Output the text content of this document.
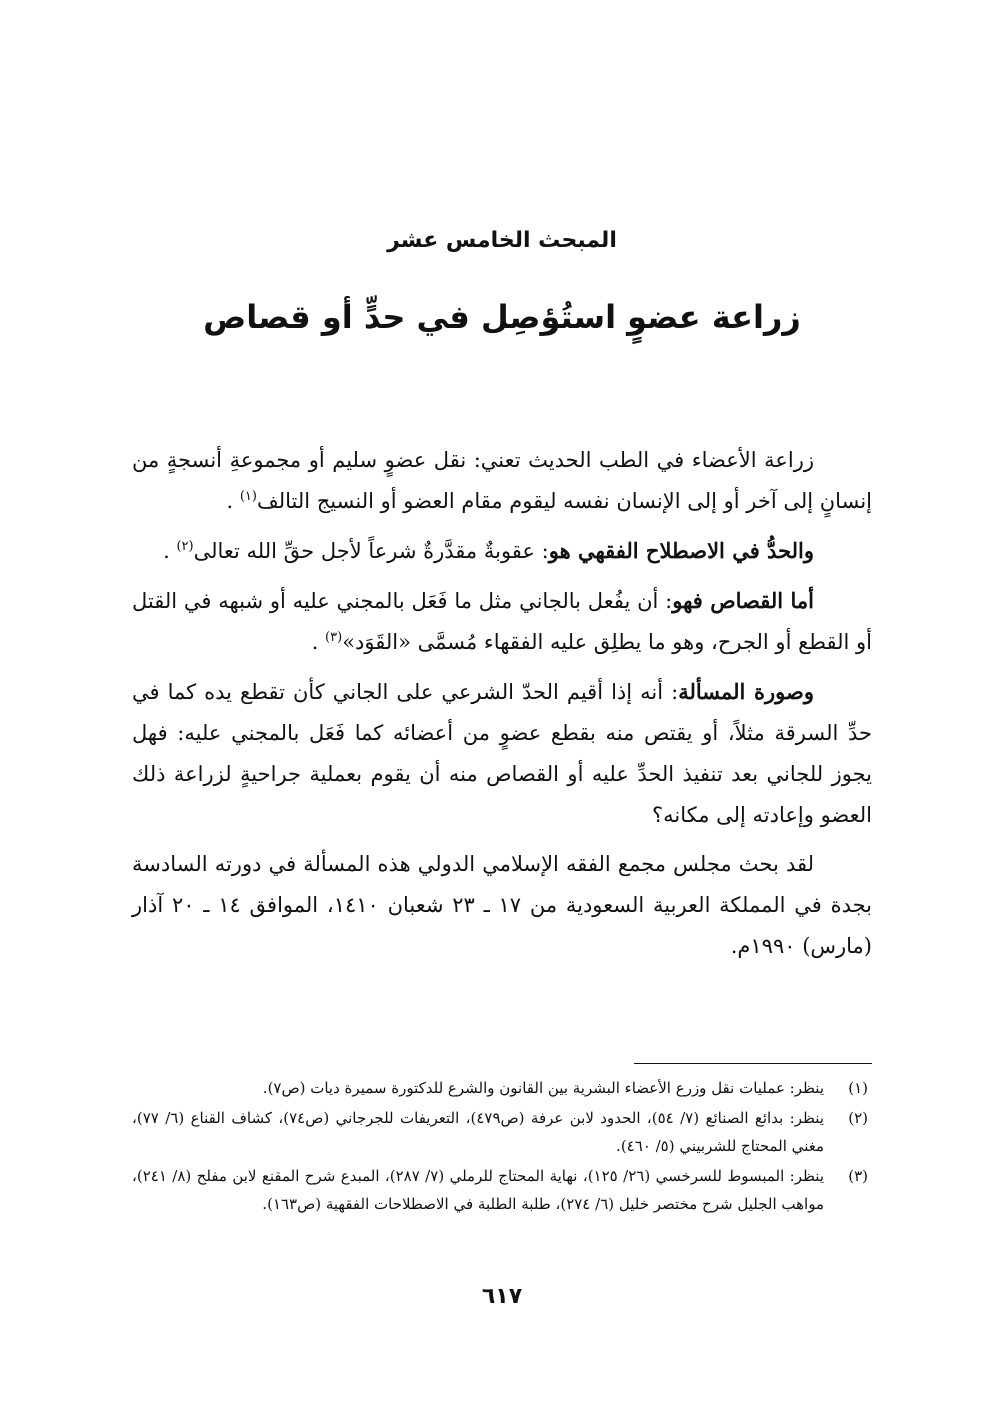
المبحث الخامس عشر
زراعة عضوٍ استُؤصِل في حدٍّ أو قصاص

زراعة الأعضاء في الطب الحديث تعني: نقل عضوٍ سليم أو مجموعةِ أنسجةٍ من إنسانٍ إلى آخر أو إلى الإنسان نفسه ليقوم مقام العضو أو النسيج التالف$^{(١)}$ .

والحدُّ في الاصطلاح الفقهي هو: عقوبةٌ مقدَّرةٌ شرعاً لأجل حقِّ الله تعالى$^{(٢)}$ .

أما القصاص فهو: أن يفُعل بالجاني مثل ما فَعَل بالمجني عليه أو شبهه في القتل أو القطع أو الجرح، وهو ما يطلِق عليه الفقهاء مُسمَّى «القَوَد»$^{(٣)}$ .

وصورة المسألة: أنه إذا أقيم الحدّ الشرعي على الجاني كأن تقطع يده كما في حدِّ السرقة مثلاً، أو يقتص منه بقطع عضوٍ من أعضائه كما فَعَل بالمجني عليه: فهل يجوز للجاني بعد تنفيذ الحدِّ عليه أو القصاص منه أن يقوم بعملية جراحيةٍ لزراعة ذلك العضو وإعادته إلى مكانه؟

لقد بحث مجلس مجمع الفقه الإسلامي الدولي هذه المسألة في دورته السادسة بجدة في المملكة العربية السعودية من ١٧ ـ ٢٣ شعبان ١٤١٠، الموافق ١٤ ـ ٢٠ آذار (مارس) ١٩٩٠م.

(١)
ينظر: عمليات نقل وزرع الأعضاء البشرية بين القانون والشرع للدكتورة سميرة ديات (ص٧).
(٢)
ينظر: بدائع الصنائع (٧/ ٥٤)، الحدود لابن عرفة (ص٤٧٩)، التعريفات للجرجاني (ص٧٤)، كشاف القناع (٦/ ٧٧)، مغني المحتاج للشربيني (٥/ ٤٦٠).
(٣)
ينظر: المبسوط للسرخسي (٢٦/ ١٢٥)، نهاية المحتاج للرملي (٧/ ٢٨٧)، المبدع شرح المقنع لابن مفلح (٨/ ٢٤١)، مواهب الجليل شرح مختصر خليل (٦/ ٢٧٤)، طلبة الطلبة في الاصطلاحات الفقهية (ص١٦٣).
٦١٧
